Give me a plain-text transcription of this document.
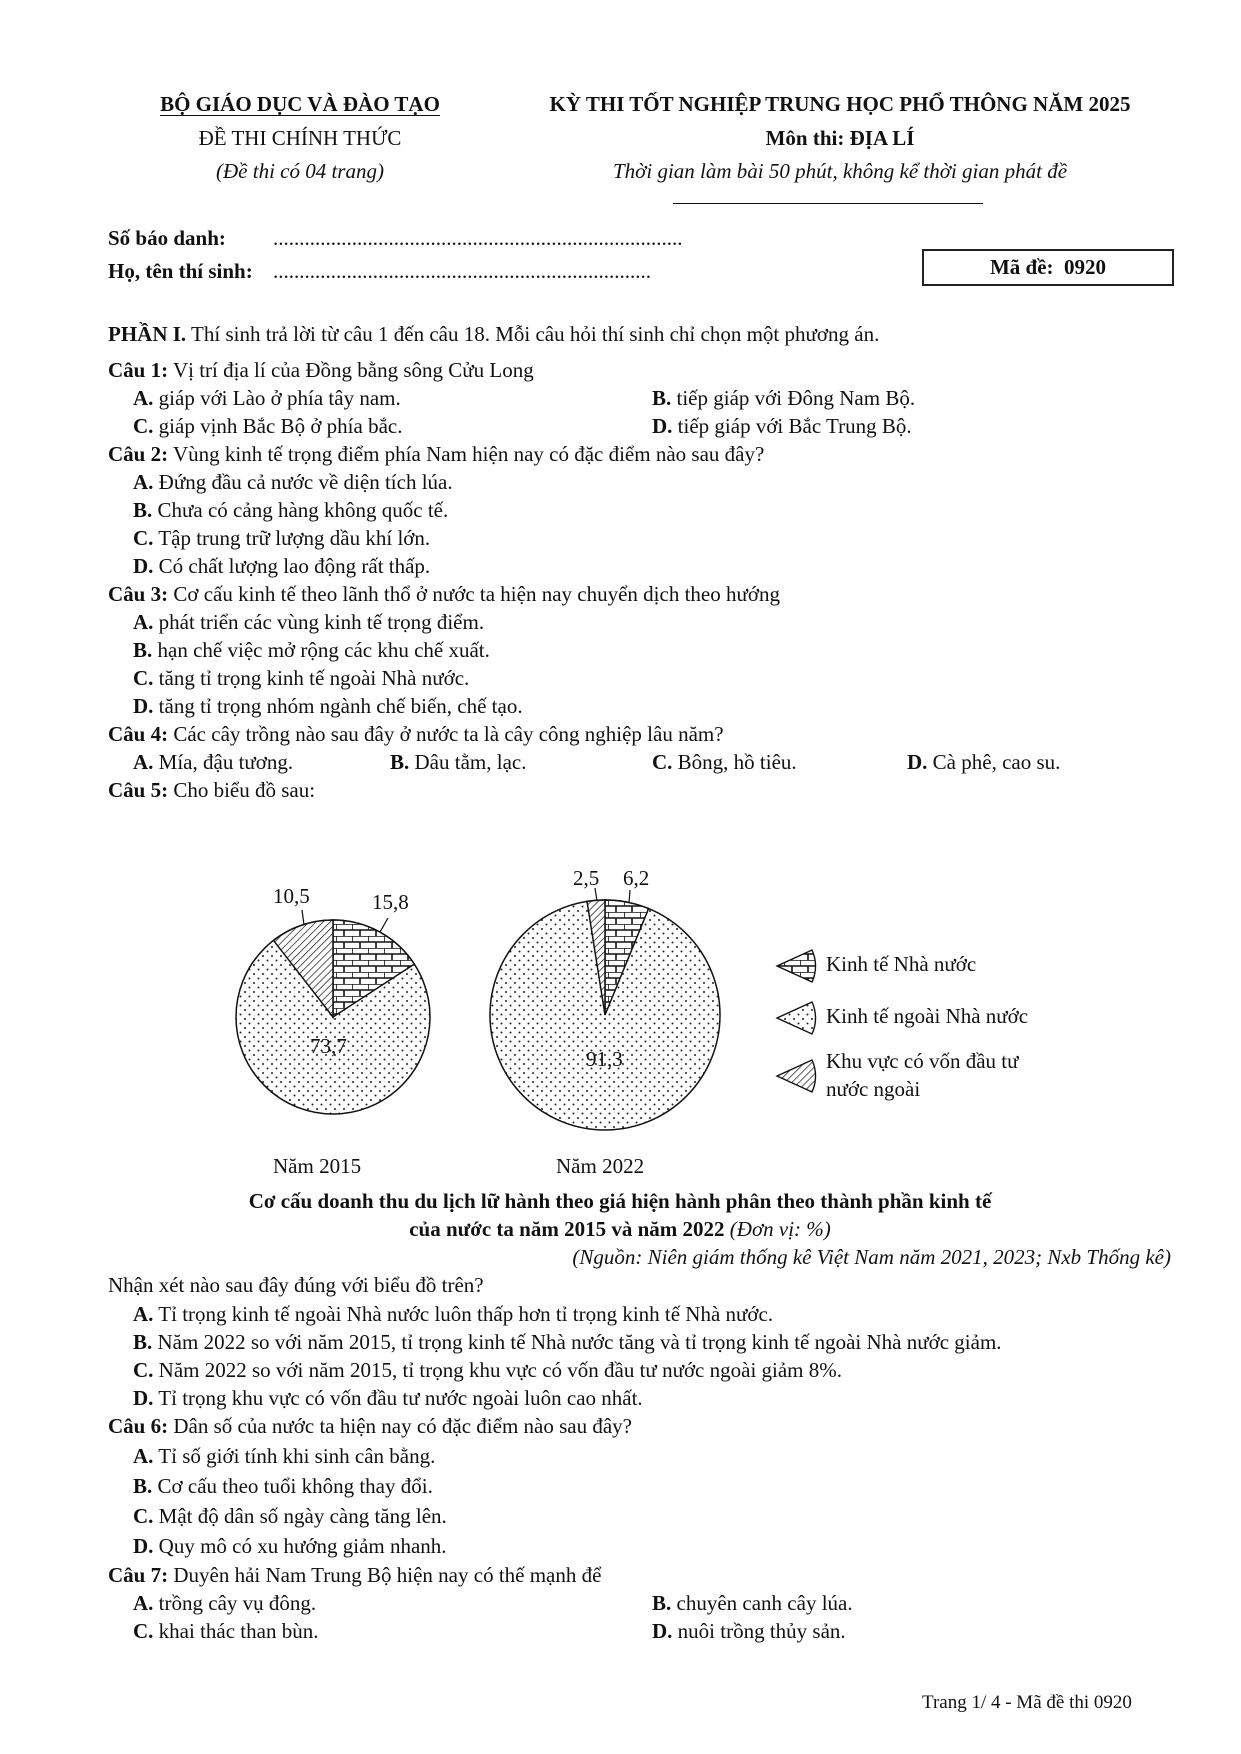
BỘ GIÁO DỤC VÀ ĐÀO TẠO
ĐỀ THI CHÍNH THỨC
(Đề thi có 04 trang)
KỲ THI TỐT NGHIỆP TRUNG HỌC PHỔ THÔNG NĂM 2025
Môn thi: ĐỊA LÍ
Thời gian làm bài 50 phút, không kể thời gian phát đề
Số báo danh: ..............................................................................
Họ, tên thí sinh: ........................................................................	Mã đề: 0920
PHẦN I. Thí sinh trả lời từ câu 1 đến câu 18. Mỗi câu hỏi thí sinh chỉ chọn một phương án.
Câu 1: Vị trí địa lí của Đồng bằng sông Cửu Long
A. giáp với Lào ở phía tây nam.	B. tiếp giáp với Đông Nam Bộ.
C. giáp vịnh Bắc Bộ ở phía bắc.	D. tiếp giáp với Bắc Trung Bộ.
Câu 2: Vùng kinh tế trọng điểm phía Nam hiện nay có đặc điểm nào sau đây?
A. Đứng đầu cả nước về diện tích lúa.
B. Chưa có cảng hàng không quốc tế.
C. Tập trung trữ lượng dầu khí lớn.
D. Có chất lượng lao động rất thấp.
Câu 3: Cơ cấu kinh tế theo lãnh thổ ở nước ta hiện nay chuyển dịch theo hướng
A. phát triển các vùng kinh tế trọng điểm.
B. hạn chế việc mở rộng các khu chế xuất.
C. tăng tỉ trọng kinh tế ngoài Nhà nước.
D. tăng tỉ trọng nhóm ngành chế biến, chế tạo.
Câu 4: Các cây trồng nào sau đây ở nước ta là cây công nghiệp lâu năm?
A. Mía, đậu tương.	B. Dâu tằm, lạc.	C. Bông, hồ tiêu.	D. Cà phê, cao su.
Câu 5: Cho biểu đồ sau:
10,5	15,8
73,7
2,5 6,2
91,3
Năm 2015	Năm 2022
Kinh tế Nhà nước
Kinh tế ngoài Nhà nước
Khu vực có vốn đầu tư
nước ngoài
Cơ cấu doanh thu du lịch lữ hành theo giá hiện hành phân theo thành phần kinh tế
của nước ta năm 2015 và năm 2022 (Đơn vị: %)
(Nguồn: Niên giám thống kê Việt Nam năm 2021, 2023; Nxb Thống kê)
Nhận xét nào sau đây đúng với biểu đồ trên?
A. Tỉ trọng kinh tế ngoài Nhà nước luôn thấp hơn tỉ trọng kinh tế Nhà nước.
B. Năm 2022 so với năm 2015, tỉ trọng kinh tế Nhà nước tăng và tỉ trọng kinh tế ngoài Nhà nước giảm.
C. Năm 2022 so với năm 2015, tỉ trọng khu vực có vốn đầu tư nước ngoài giảm 8%.
D. Tỉ trọng khu vực có vốn đầu tư nước ngoài luôn cao nhất.
Câu 6: Dân số của nước ta hiện nay có đặc điểm nào sau đây?
A. Tỉ số giới tính khi sinh cân bằng.
B. Cơ cấu theo tuổi không thay đổi.
C. Mật độ dân số ngày càng tăng lên.
D. Quy mô có xu hướng giảm nhanh.
Câu 7: Duyên hải Nam Trung Bộ hiện nay có thế mạnh để
A. trồng cây vụ đông.	B. chuyên canh cây lúa.
C. khai thác than bùn.	D. nuôi trồng thủy sản.
Trang 1/ 4 - Mã đề thi 0920
